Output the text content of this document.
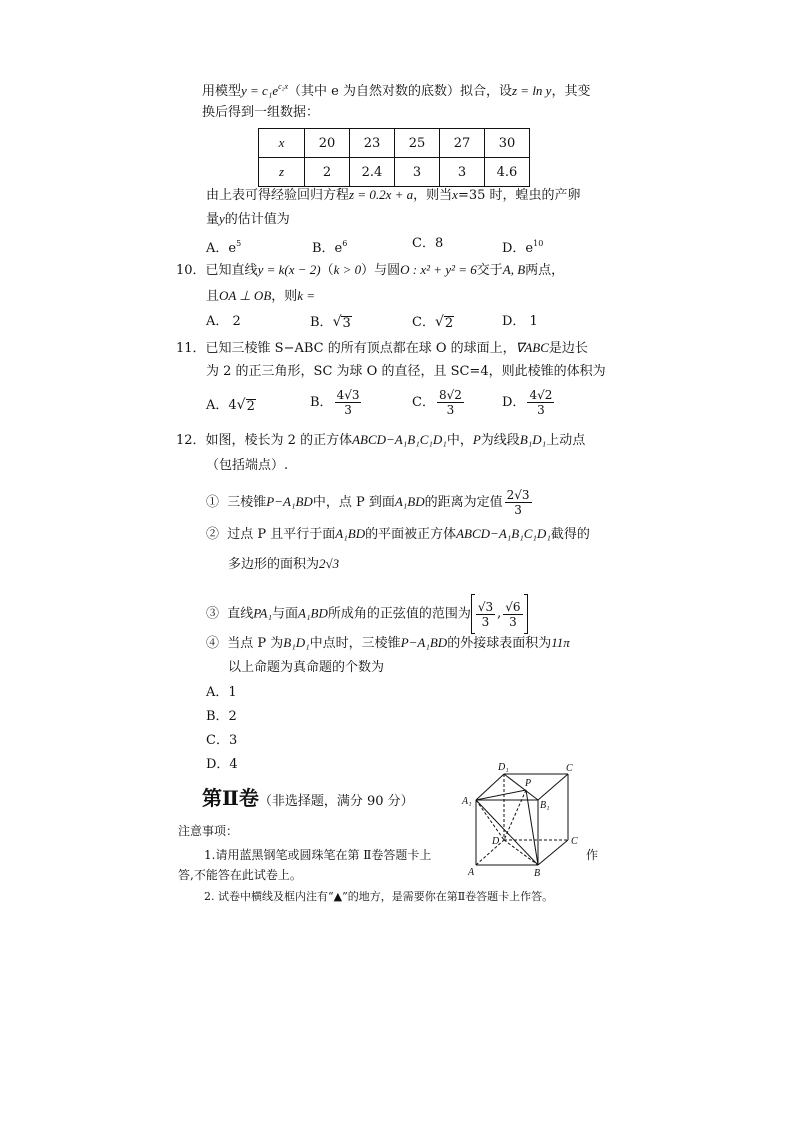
用模型$y = c_1e^{c_2x}$（其中 e 为自然对数的底数）拟合，设z = ln y，其变
换后得到一组数据：
x	20	23	25	27	30
z	2	2.4	3	3	4.6
由上表可得经验回归方程z = 0.2x + a，则当x=35 时，蝗虫的产卵
量y的估计值为
A．$e^5$	B．$e^6$	C．8	D．$e^{10}$
10．已知直线y = k(x − 2)（k > 0）与圆O : x² + y² = 6交于A, B两点，
且OA ⊥ OB，则k =
A． 2	B． √ 3	C． √ 2	D． 1
11．已知三棱锥 S−ABC 的所有顶点都在球 O 的球面上，∇ABC是边长
为 2 的正三角形，SC 为球 O 的直径，且 SC=4，则此棱锥的体积为
A．4 √ 2	B． $\frac{4√3}{3}$	C． $\frac{8√2}{3}$	D． $\frac{4√2}{3}$
12．如图，棱长为 2 的正方体ABCD−A₁B₁C₁D₁中，P为线段B₁D₁上动点
（包括端点）.
① 三棱锥P−A₁BD中，点 P 到面A₁BD的距离为定值 $\frac{2√3}{3}$
② 过点 P 且平行于面A₁BD的平面被正方体ABCD−A₁B₁C₁D₁截得的
多边形的面积为2√3
③ 直线PA₁与面A₁BD所成角的正弦值的范围为 $\frac{√3}{3}$ , $\frac{√6}{3}$
④ 当点 P 为B₁D₁中点时，三棱锥P−A₁BD的外接球表面积为11π
以上命题为真命题的个数为
A．1
B．2
C．3
D．4
第Ⅱ卷（非选择题，满分 90 分）
D₁	C
A₁	B₁
P
D	C
A	B
注意事项：
1.请用蓝黑钢笔或圆珠笔在第 Ⅱ卷答题卡上	作
答,不能答在此试卷上。
2. 试卷中横线及框内注有“▲”的地方，是需要你在第Ⅱ卷答题卡上作答。
